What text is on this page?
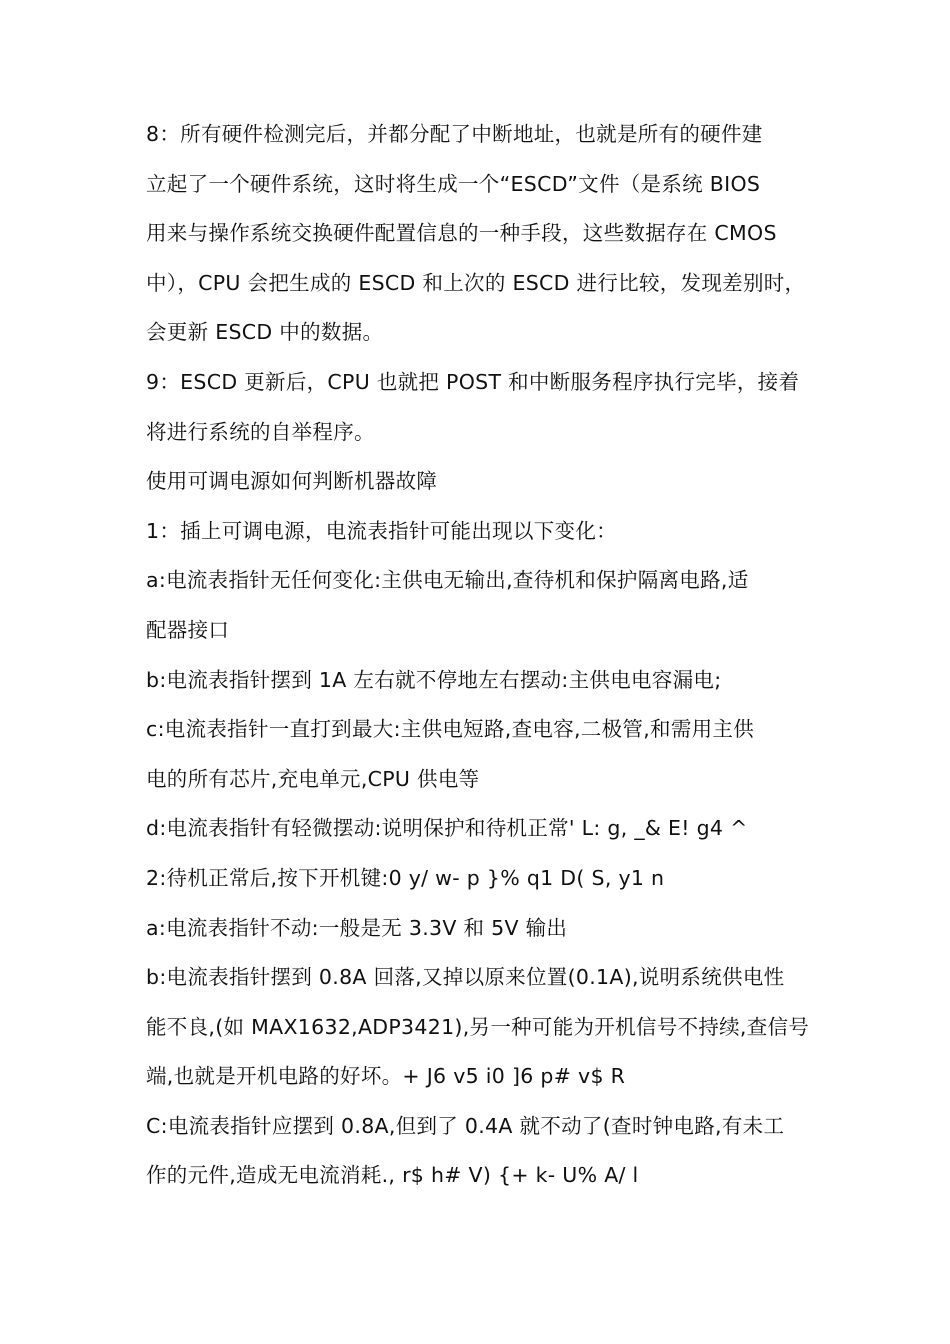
8：所有硬件检测完后，并都分配了中断地址，也就是所有的硬件建
立起了一个硬件系统，这时将生成一个“ESCD”文件（是系统 BIOS
用来与操作系统交换硬件配置信息的一种手段，这些数据存在 CMOS
中），CPU 会把生成的 ESCD 和上次的 ESCD 进行比较，发现差别时，
会更新 ESCD 中的数据。
9：ESCD 更新后，CPU 也就把 POST 和中断服务程序执行完毕，接着
将进行系统的自举程序。
使用可调电源如何判断机器故障
1：插上可调电源，电流表指针可能出现以下变化：
a:电流表指针无任何变化:主供电无输出,查待机和保护隔离电路,适
配器接口
b:电流表指针摆到 1A 左右就不停地左右摆动:主供电电容漏电;
c:电流表指针一直打到最大:主供电短路,查电容,二极管,和需用主供
电的所有芯片,充电单元,CPU 供电等
d:电流表指针有轻微摆动:说明保护和待机正常' L: g, _& E! g4 ^
2:待机正常后,按下开机键:0 y/ w- p }% q1 D( S, y1 n
a:电流表指针不动:一般是无 3.3V 和 5V 输出
b:电流表指针摆到 0.8A 回落,又掉以原来位置(0.1A),说明系统供电性
能不良,(如 MAX1632,ADP3421),另一种可能为开机信号不持续,查信号
端,也就是开机电路的好坏。+ J6 v5 i0 ]6 p# v$ R
C:电流表指针应摆到 0.8A,但到了 0.4A 就不动了(查时钟电路,有未工
作的元件,造成无电流消耗., r$ h# V) {+ k- U% A/ l
